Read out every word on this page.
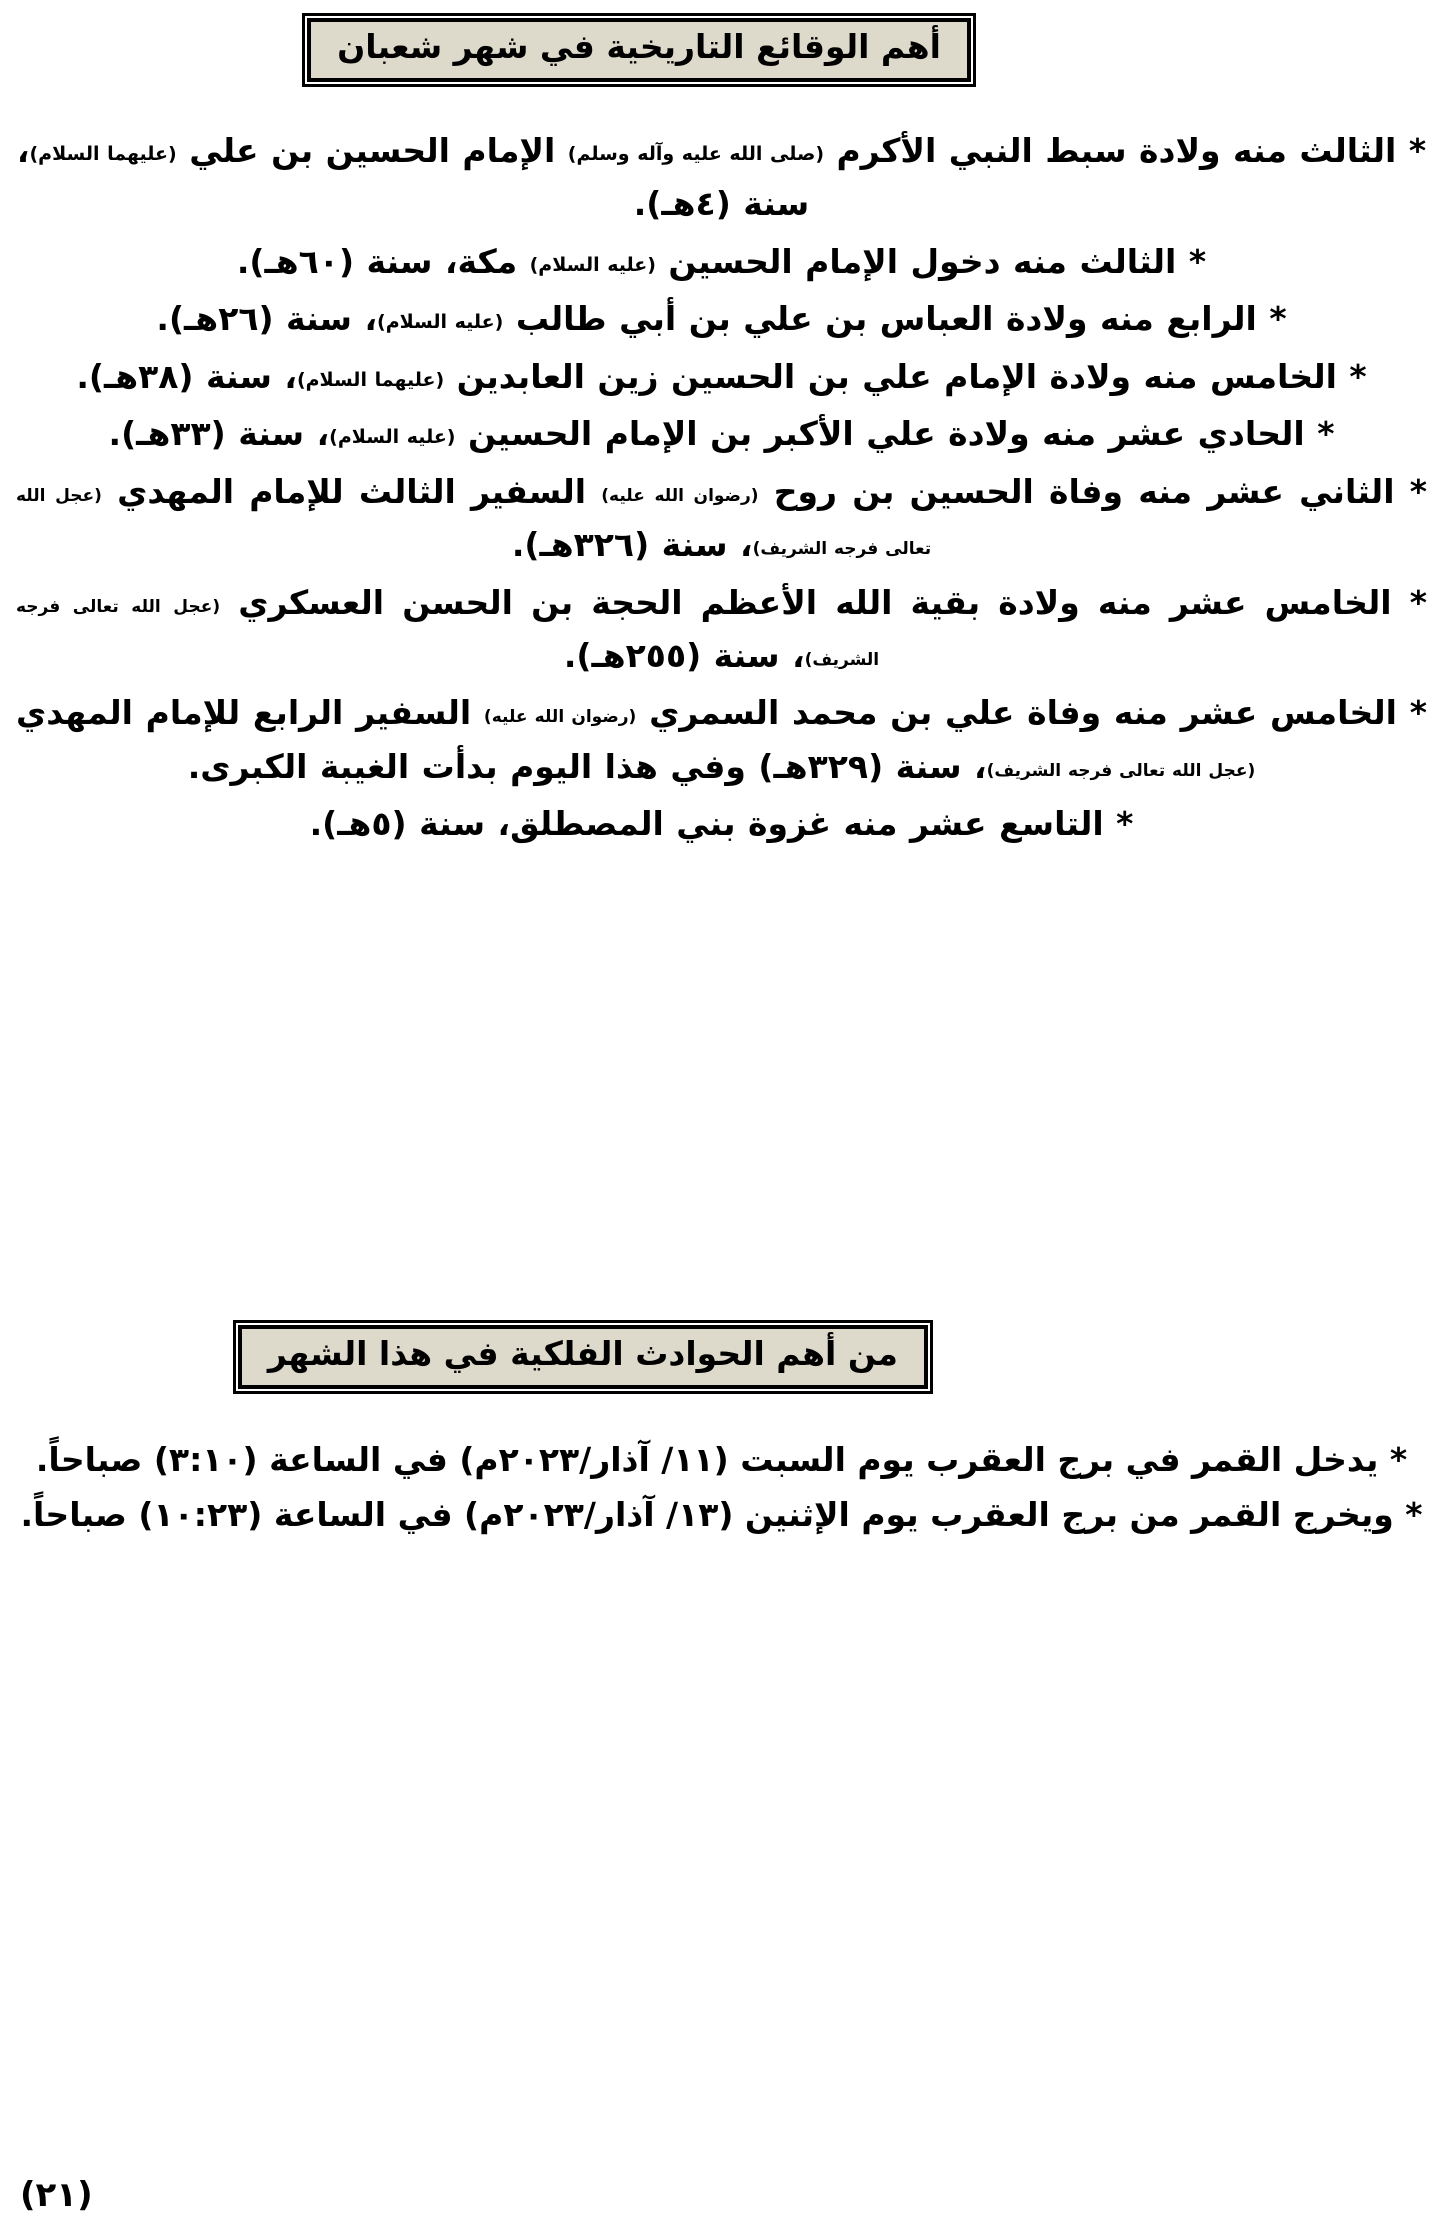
أهم الوقائع التاريخية في شهر شعبان

* الثالث منه ولادة سبط النبي الأكرم (صلى الله عليه وآله وسلم) الإمام الحسين بن علي (عليهما السلام)، سنة (٤هـ).

* الثالث منه دخول الإمام الحسين (عليه السلام) مكة، سنة (٦٠هـ).

* الرابع منه ولادة العباس بن علي بن أبي طالب (عليه السلام)، سنة (٢٦هـ).

* الخامس منه ولادة الإمام علي بن الحسين زين العابدين (عليهما السلام)، سنة (٣٨هـ).

* الحادي عشر منه ولادة علي الأكبر بن الإمام الحسين (عليه السلام)، سنة (٣٣هـ).

* الثاني عشر منه وفاة الحسين بن روح (رضوان الله عليه) السفير الثالث للإمام المهدي (عجل الله تعالى فرجه الشريف)، سنة (٣٢٦هـ).

* الخامس عشر منه ولادة بقية الله الأعظم الحجة بن الحسن العسكري (عجل الله تعالى فرجه الشريف)، سنة (٢٥٥هـ).

* الخامس عشر منه وفاة علي بن محمد السمري (رضوان الله عليه) السفير الرابع للإمام المهدي (عجل الله تعالى فرجه الشريف)، سنة (٣٢٩هـ) وفي هذا اليوم بدأت الغيبة الكبرى.

* التاسع عشر منه غزوة بني المصطلق، سنة (٥هـ).

من أهم الحوادث الفلكية في هذا الشهر

* يدخل القمر في برج العقرب يوم السبت (١١/ آذار/٢٠٢٣م) في الساعة (٣:١٠) صباحاً.

* ويخرج القمر من برج العقرب يوم الإثنين (١٣/ آذار/٢٠٢٣م) في الساعة (١٠:٢٣) صباحاً.

(٢١)
